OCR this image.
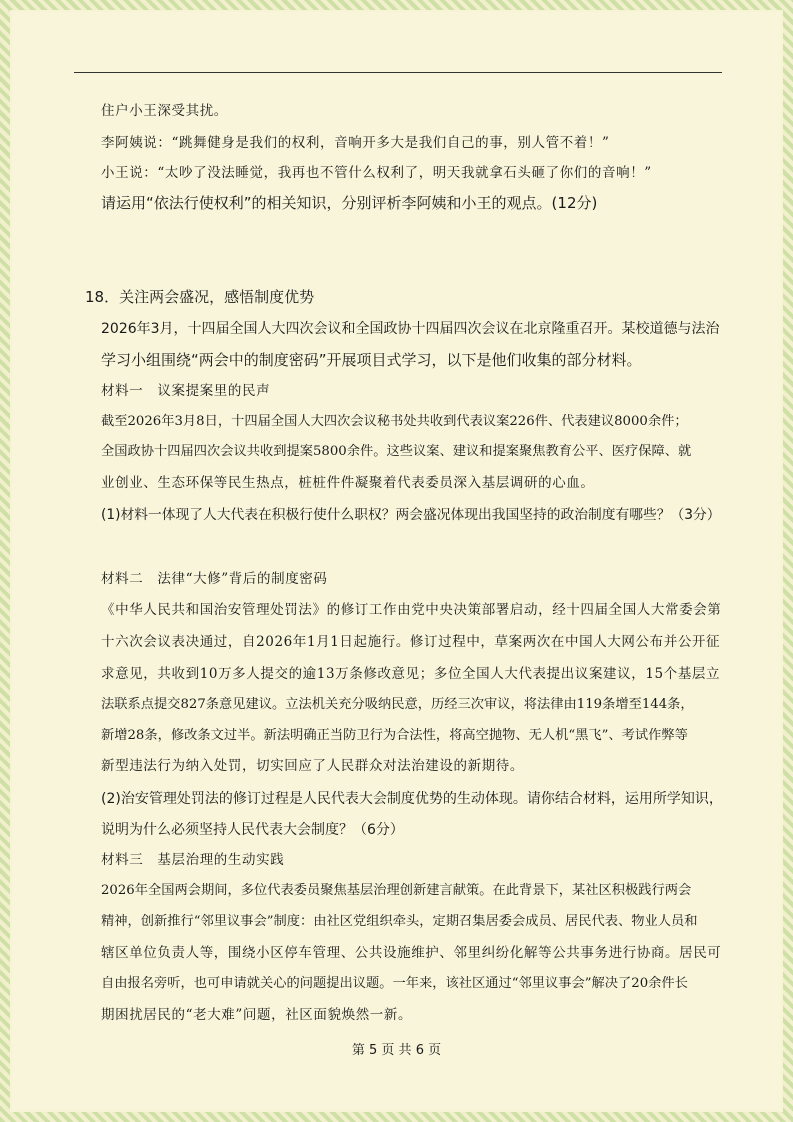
住户小王深受其扰。
李阿姨说：“跳舞健身是我们的权利，音响开多大是我们自己的事，别人管不着！”
小王说：“太吵了没法睡觉，我再也不管什么权利了，明天我就拿石头砸了你们的音响！”
请运用“依法行使权利”的相关知识，分别评析李阿姨和小王的观点。(12分)
18．关注两会盛况，感悟制度优势
2026年3月，十四届全国人大四次会议和全国政协十四届四次会议在北京隆重召开。某校道德与法治
学习小组围绕“两会中的制度密码”开展项目式学习，以下是他们收集的部分材料。
材料一　议案提案里的民声
截至2026年3月8日，十四届全国人大四次会议秘书处共收到代表议案226件、代表建议8000余件；
全国政协十四届四次会议共收到提案5800余件。这些议案、建议和提案聚焦教育公平、医疗保障、就
业创业、生态环保等民生热点，桩桩件件凝聚着代表委员深入基层调研的心血。
(1)材料一体现了人大代表在积极行使什么职权？两会盛况体现出我国坚持的政治制度有哪些？（3分）
材料二　法律“大修”背后的制度密码
《中华人民共和国治安管理处罚法》的修订工作由党中央决策部署启动，经十四届全国人大常委会第
十六次会议表决通过，自2026年1月1日起施行。修订过程中，草案两次在中国人大网公布并公开征
求意见，共收到10万多人提交的逾13万条修改意见；多位全国人大代表提出议案建议，15个基层立
法联系点提交827条意见建议。立法机关充分吸纳民意，历经三次审议，将法律由119条增至144条，
新增28条，修改条文过半。新法明确正当防卫行为合法性，将高空抛物、无人机“黑飞”、考试作弊等
新型违法行为纳入处罚，切实回应了人民群众对法治建设的新期待。
(2)治安管理处罚法的修订过程是人民代表大会制度优势的生动体现。请你结合材料，运用所学知识，
说明为什么必须坚持人民代表大会制度？（6分）
材料三　基层治理的生动实践
2026年全国两会期间，多位代表委员聚焦基层治理创新建言献策。在此背景下，某社区积极践行两会
精神，创新推行“邻里议事会”制度：由社区党组织牵头，定期召集居委会成员、居民代表、物业人员和
辖区单位负责人等，围绕小区停车管理、公共设施维护、邻里纠纷化解等公共事务进行协商。居民可
自由报名旁听，也可申请就关心的问题提出议题。一年来，该社区通过“邻里议事会”解决了20余件长
期困扰居民的“老大难”问题，社区面貌焕然一新。
第 5 页 共 6 页
